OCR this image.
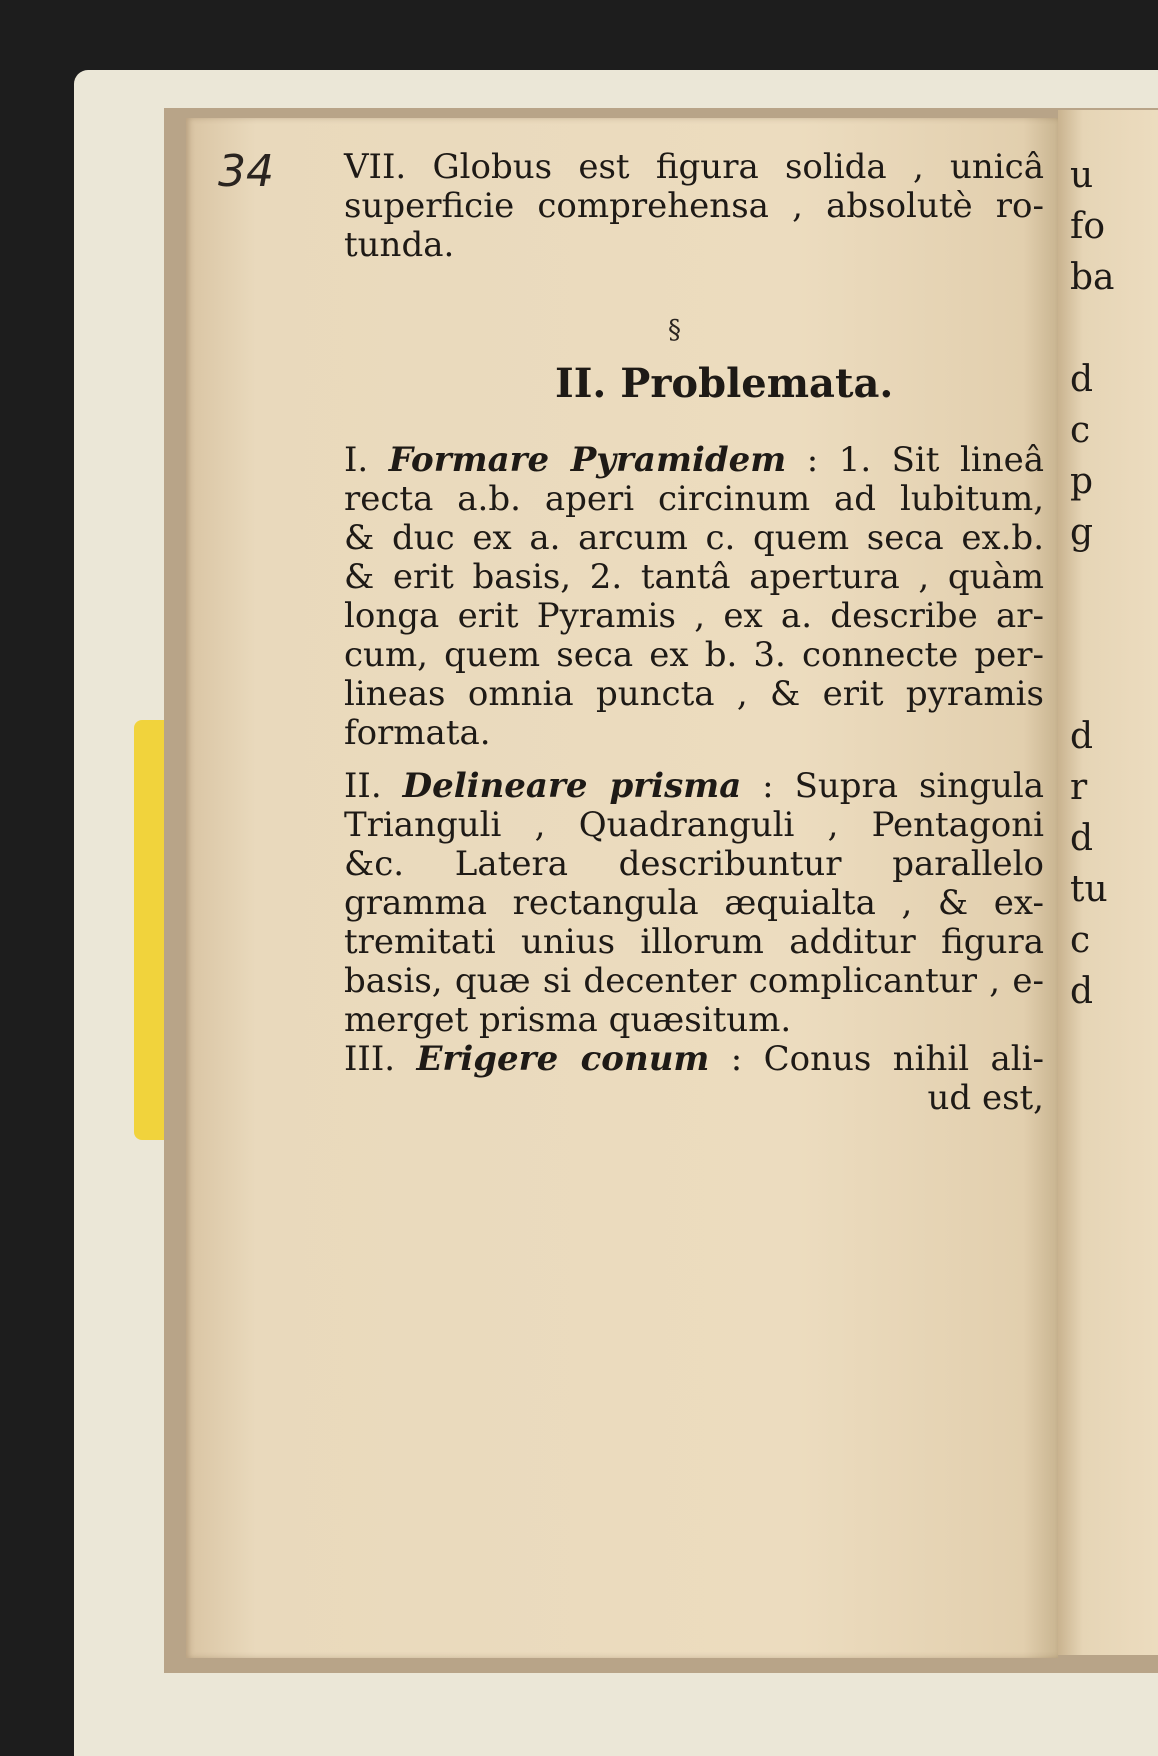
34 VII. Globus est figura solida , unicâ
superficie comprehensa , absolutè ro-
tunda.
I. Formare Pyramidem : 1. Sit lineâ
recta a.b. aperi circinum ad lubitum,
& duc ex a. arcum c. quem seca ex.b.
& erit basis, 2. tantâ apertura , quàm
longa erit Pyramis , ex a. describe ar-
cum, quem seca ex b. 3. connecte per-
lineas omnia puncta , & erit pyramis
formata.
II. Delineare prisma : Supra singula
Trianguli , Quadranguli , Pentagoni
&c. Latera describuntur parallelo
gramma rectangula æquialta , & ex-
tremitati unius illorum additur figura
basis, quæ si decenter complicantur , e-
merget prisma quæsitum.
III. Erigere conum : Conus nihil ali-
ud est,
§
II. Problemata.
u
fo
ba
d
c
p
g
d
r
d
tu
c
d
